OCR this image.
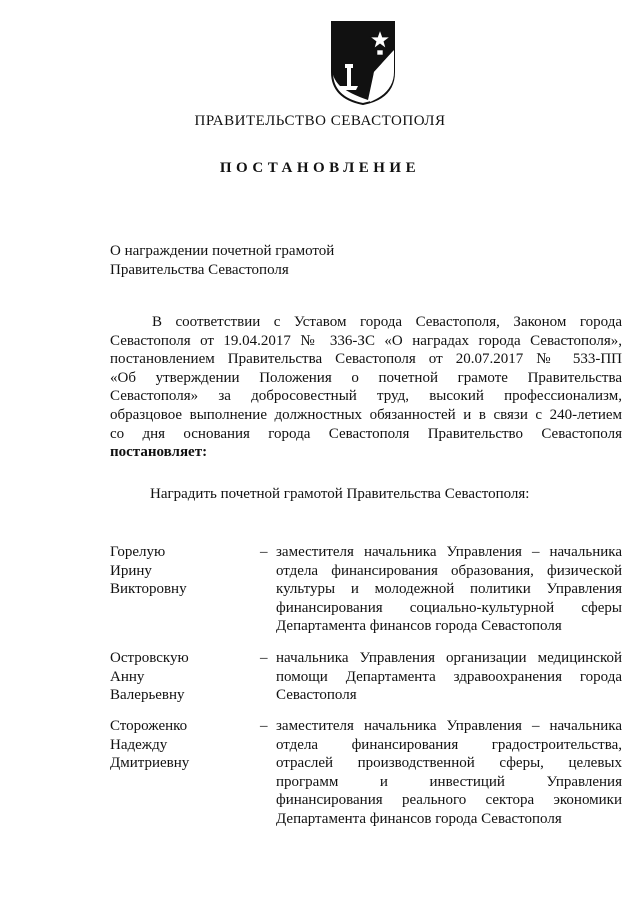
ПРАВИТЕЛЬСТВО СЕВАСТОПОЛЯ
ПОСТАНОВЛЕНИЕ
О награждении почетной грамотой
Правительства Севастополя
В соответствии с Уставом города Севастополя, Законом города
Севастополя от 19.04.2017 № 336-ЗС «О наградах города Севастополя»,
постановлением Правительства Севастополя от 20.07.2017 № 533-ПП
«Об утверждении Положения о почетной грамоте Правительства
Севастополя» за добросовестный труд, высокий профессионализм,
образцовое выполнение должностных обязанностей и в связи с 240-летием
со дня основания города Севастополя Правительство Севастополя
постановляет:
Наградить почетной грамотой Правительства Севастополя:
Горелую
Ирину
Викторовну
– заместителя начальника Управления – начальника
отдела финансирования образования, физической
культуры и молодежной политики Управления
финансирования социально-культурной сферы
Департамента финансов города Севастополя
Островскую
Анну
Валерьевну
– начальника Управления организации медицинской
помощи Департамента здравоохранения города
Севастополя
Стороженко
Надежду
Дмитриевну
– заместителя начальника Управления – начальника
отдела финансирования градостроительства,
отраслей производственной сферы, целевых
программ и инвестиций Управления
финансирования реального сектора экономики
Департамента финансов города Севастополя
